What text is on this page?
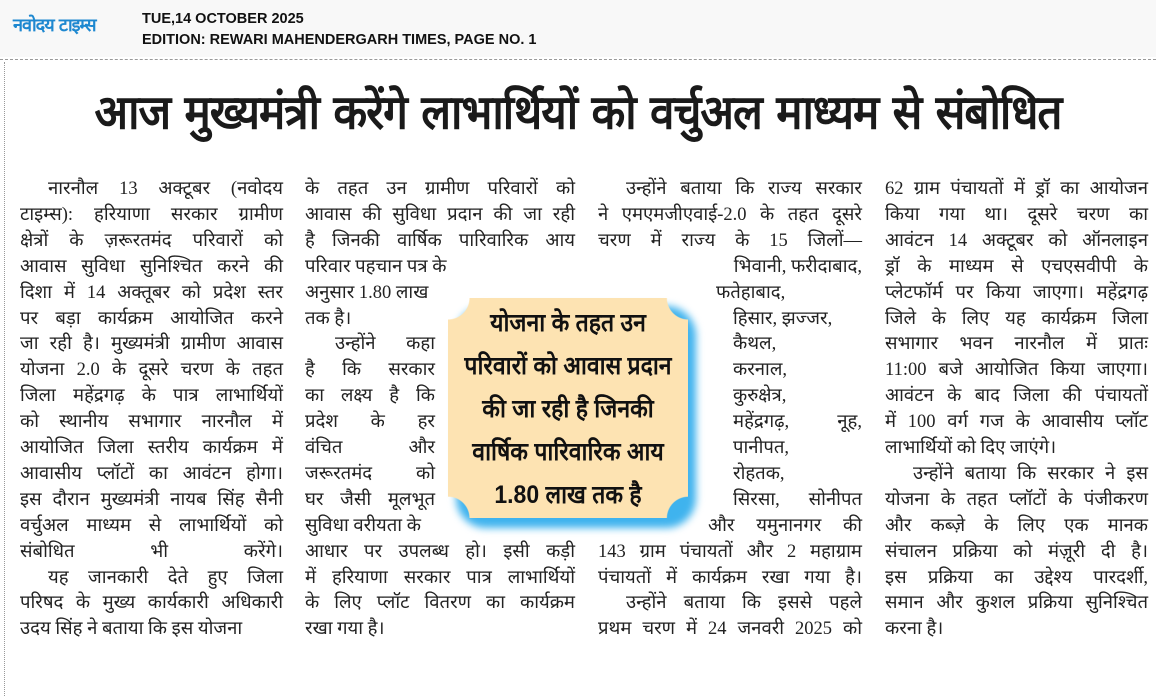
नवोदय टाइम्स	TUE,14 OCTOBER 2025
EDITION: REWARI MAHENDERGARH TIMES, PAGE NO. 1
आज मुख्यमंत्री करेंगे लाभार्थियों को वर्चुअल माध्यम से संबोधित
नारनौल 13 अक्टूबर (नवोदय
टाइम्स): हरियाणा सरकार ग्रामीण
क्षेत्रों के ज़रूरतमंद परिवारों को
आवास सुविधा सुनिश्चित करने की
दिशा में 14 अक्तूबर को प्रदेश स्तर
पर बड़ा कार्यक्रम आयोजित करने
जा रही है। मुख्यमंत्री ग्रामीण आवास
योजना 2.0 के दूसरे चरण के तहत
जिला महेंद्रगढ़ के पात्र लाभार्थियों
को स्थानीय सभागार नारनौल में
आयोजित जिला स्तरीय कार्यक्रम में
आवासीय प्लॉटों का आवंटन होगा।
इस दौरान मुख्यमंत्री नायब सिंह सैनी
वर्चुअल माध्यम से लाभार्थियों को
संबोधित भी करेंगे।
यह जानकारी देते हुए जिला
परिषद के मुख्य कार्यकारी अधिकारी
उदय सिंह ने बताया कि इस योजना
के तहत उन ग्रामीण परिवारों को
आवास की सुविधा प्रदान की जा रही
है जिनकी वार्षिक पारिवारिक आय
परिवार पहचान पत्र के
अनुसार 1.80 लाख
तक है।
उन्होंने कहा
है कि सरकार
का लक्ष्य है कि
प्रदेश के हर
वंचित और
जरूरतमंद को
घर जैसी मूलभूत
सुविधा वरीयता के
आधार पर उपलब्ध हो। इसी कड़ी
में हरियाणा सरकार पात्र लाभार्थियों
के लिए प्लॉट वितरण का कार्यक्रम
रखा गया है।
उन्होंने बताया कि राज्य सरकार
ने एमएमजीएवाई-2.0 के तहत दूसरे
चरण में राज्य के 15 जिलों—
भिवानी, फरीदाबाद,
फतेहाबाद,
हिसार, झज्जर,
कैथल,
करनाल,
कुरुक्षेत्र,
महेंद्रगढ़, नूह,
पानीपत,
रोहतक,
सिरसा, सोनीपत
और यमुनानगर की
143 ग्राम पंचायतों और 2 महाग्राम
पंचायतों में कार्यक्रम रखा गया है।
उन्होंने बताया कि इससे पहले
प्रथम चरण में 24 जनवरी 2025 को
62 ग्राम पंचायतों में ड्रॉ का आयोजन
किया गया था। दूसरे चरण का
आवंटन 14 अक्टूबर को ऑनलाइन
ड्रॉ के माध्यम से एचएसवीपी के
प्लेटफॉर्म पर किया जाएगा। महेंद्रगढ़
जिले के लिए यह कार्यक्रम जिला
सभागार भवन नारनौल में प्रातः
11:00 बजे आयोजित किया जाएगा।
आवंटन के बाद जिला की पंचायतों
में 100 वर्ग गज के आवासीय प्लॉट
लाभार्थियों को दिए जाएंगे।
उन्होंने बताया कि सरकार ने इस
योजना के तहत प्लॉटों के पंजीकरण
और कब्ज़े के लिए एक मानक
संचालन प्रक्रिया को मंज़ूरी दी है।
इस प्रक्रिया का उद्देश्य पारदर्शी,
समान और कुशल प्रक्रिया सुनिश्चित
करना है।
योजना के तहत उन परिवारों को आवास प्रदान की जा रही है जिनकी वार्षिक पारिवारिक आय 1.80 लाख तक है
